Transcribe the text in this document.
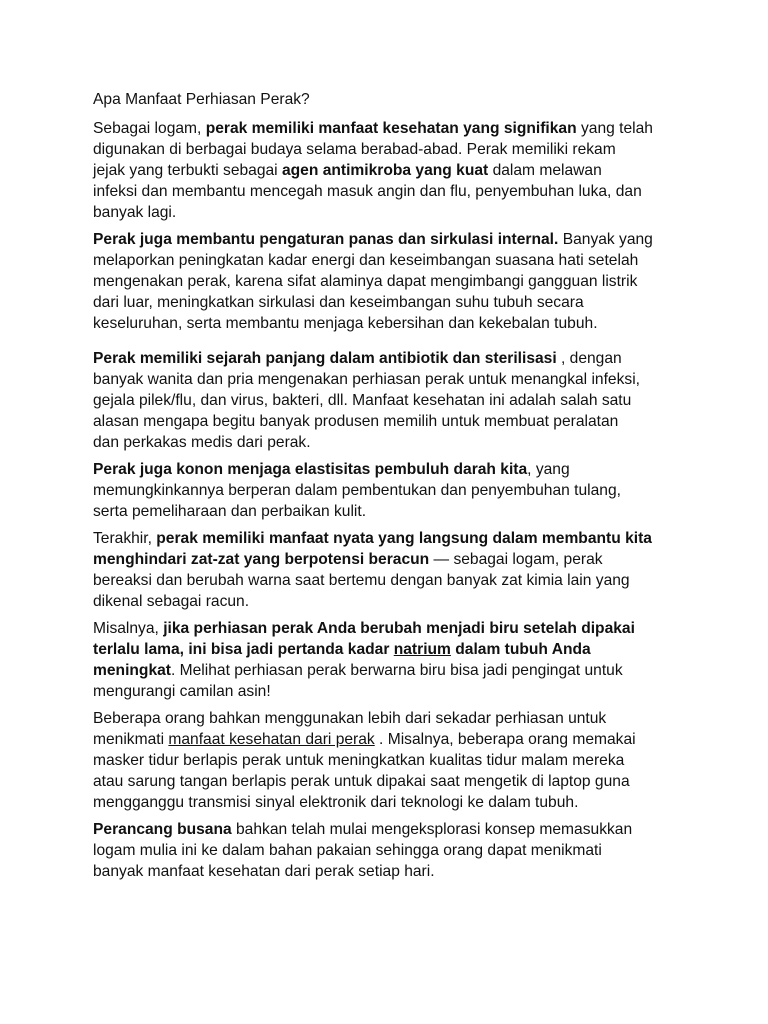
Apa Manfaat Perhiasan Perak?

Sebagai logam, perak memiliki manfaat kesehatan yang signifikan yang telah
digunakan di berbagai budaya selama berabad-abad. Perak memiliki rekam
jejak yang terbukti sebagai agen antimikroba yang kuat dalam melawan
infeksi dan membantu mencegah masuk angin dan flu, penyembuhan luka, dan
banyak lagi.

Perak juga membantu pengaturan panas dan sirkulasi internal. Banyak yang
melaporkan peningkatan kadar energi dan keseimbangan suasana hati setelah
mengenakan perak, karena sifat alaminya dapat mengimbangi gangguan listrik
dari luar, meningkatkan sirkulasi dan keseimbangan suhu tubuh secara
keseluruhan, serta membantu menjaga kebersihan dan kekebalan tubuh.

Perak memiliki sejarah panjang dalam antibiotik dan sterilisasi , dengan
banyak wanita dan pria mengenakan perhiasan perak untuk menangkal infeksi,
gejala pilek/flu, dan virus, bakteri, dll. Manfaat kesehatan ini adalah salah satu
alasan mengapa begitu banyak produsen memilih untuk membuat peralatan
dan perkakas medis dari perak.

Perak juga konon menjaga elastisitas pembuluh darah kita, yang
memungkinkannya berperan dalam pembentukan dan penyembuhan tulang,
serta pemeliharaan dan perbaikan kulit.

Terakhir, perak memiliki manfaat nyata yang langsung dalam membantu kita
menghindari zat-zat yang berpotensi beracun — sebagai logam, perak
bereaksi dan berubah warna saat bertemu dengan banyak zat kimia lain yang
dikenal sebagai racun.

Misalnya, jika perhiasan perak Anda berubah menjadi biru setelah dipakai
terlalu lama, ini bisa jadi pertanda kadar natrium dalam tubuh Anda
meningkat. Melihat perhiasan perak berwarna biru bisa jadi pengingat untuk
mengurangi camilan asin!

Beberapa orang bahkan menggunakan lebih dari sekadar perhiasan untuk
menikmati manfaat kesehatan dari perak . Misalnya, beberapa orang memakai
masker tidur berlapis perak untuk meningkatkan kualitas tidur malam mereka
atau sarung tangan berlapis perak untuk dipakai saat mengetik di laptop guna
mengganggu transmisi sinyal elektronik dari teknologi ke dalam tubuh.

Perancang busana bahkan telah mulai mengeksplorasi konsep memasukkan
logam mulia ini ke dalam bahan pakaian sehingga orang dapat menikmati
banyak manfaat kesehatan dari perak setiap hari.
